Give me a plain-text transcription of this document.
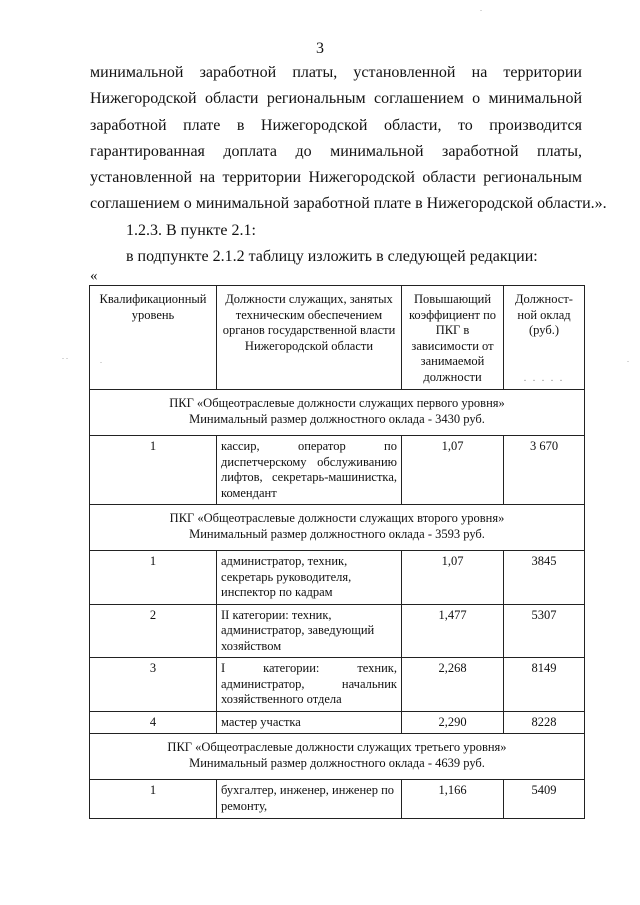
3
минимальной заработной платы, установленной на территории
Нижегородской области региональным соглашением о минимальной
заработной плате в Нижегородской области, то производится
гарантированная доплата до минимальной заработной платы,
установленной на территории Нижегородской области региональным
соглашением о минимальной заработной плате в Нижегородской области.».
1.2.3. В пункте 2.1:
в подпункте 2.1.2 таблицу изложить в следующей редакции:
«
Квалификационный уровень	Должности служащих, занятых техническим обеспечением органов государственной власти Нижегородской области	Повышающий коэффициент по ПКГ в зависимости от занимаемой должности	Должност-ной оклад (руб.)

. . . . .

ПКГ «Общеотраслевые должности служащих первого уровня»
Минимальный размер должностного оклада - 3430 руб.			

1	кассир, оператор по диспетчерскому обслуживанию лифтов, секретарь-машинистка, комендант	1,07	3 670

ПКГ «Общеотраслевые должности служащих второго уровня»
Минимальный размер должностного оклада - 3593 руб.			

1	администратор, техник, секретарь руководителя, инспектор по кадрам	1,07	3845
2	II категории: техник, администратор, заведующий хозяйством	1,477	5307
3	I категории: техник, администратор, начальник хозяйственного отдела	2,268	8149
4	мастер участка	2,290	8228

ПКГ «Общеотраслевые должности служащих третьего уровня»
Минимальный размер должностного оклада - 4639 руб.			

1	бухгалтер, инженер, инженер по ремонту,	1,166	5409
. .	.	.
.
